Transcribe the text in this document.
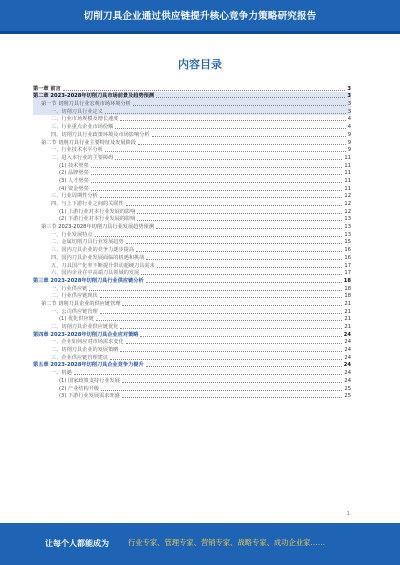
切削刀具企业通过供应链提升核心竞争力策略研究报告
内容目录
第一章 前言	3
第二章 2023-2028年切削刀具市场前景及趋势预测	3
第一节 切削刀具行业宏观市场环境分析	3
一、切削刀具行业定义	3
二、行业市场规模及增长速度	4
三、行业重点企业市场份额	4
四、切削刀具行业政策环境及市场影响分析	9
第二节 切削刀具行业主要特征及发展阶段	9
一、行业技术水平分析	9
二、进入本行业的主要障碍	11
(1) 技术壁垒	11
(2) 品牌壁垒	11
(3) 人才壁垒	11
(4) 资金壁垒	11
三、行业周期性分析	12
四、与上下游行业之间的关联性	12
(1) 上游行业对本行业发展的影响	12
(2) 下游行业对本行业发展的影响	13
第三节 2023-2028年切削刀具行业发展趋势预测	13
一、行业发展特点	13
二、金属切削刀具行业发展趋势	15
三、国内刀具企业的竞争力逐步提高	16
四、国内刀具企业发展面临的机遇和挑战	16
五、刀具国产化率不断提升带动超硬刀具需求	17
六、国内企业在中高端刀具领域的发展	17
第三章 2023-2028年切削刀具行业供应链分析	18
一、行业供应链	18
二、行业供应链现状	18
第二节 切削刀具企业的供应链管理	21
一、公司供应链管理	21
(1) 优化供应链	21
二、切削刀具企业供应链优化	21
第四章 2023-2028年切削刀具企业应对策略	24
一、企业如何应对市场需求变化	24
二、切削刀具企业的发展策略	24
三、企业供应链管理建议	24
第五章 2023-2028年切削刀具企业竞争力提升	24
一、机遇	24
(1) 国家政策支持行业发展	24
(2) 产业结构升级	25
(3) 下游行业发展需求旺盛	25
1
让每个人都能成为	行业专家、管理专家、营销专家、战略专家、成功企业家……
